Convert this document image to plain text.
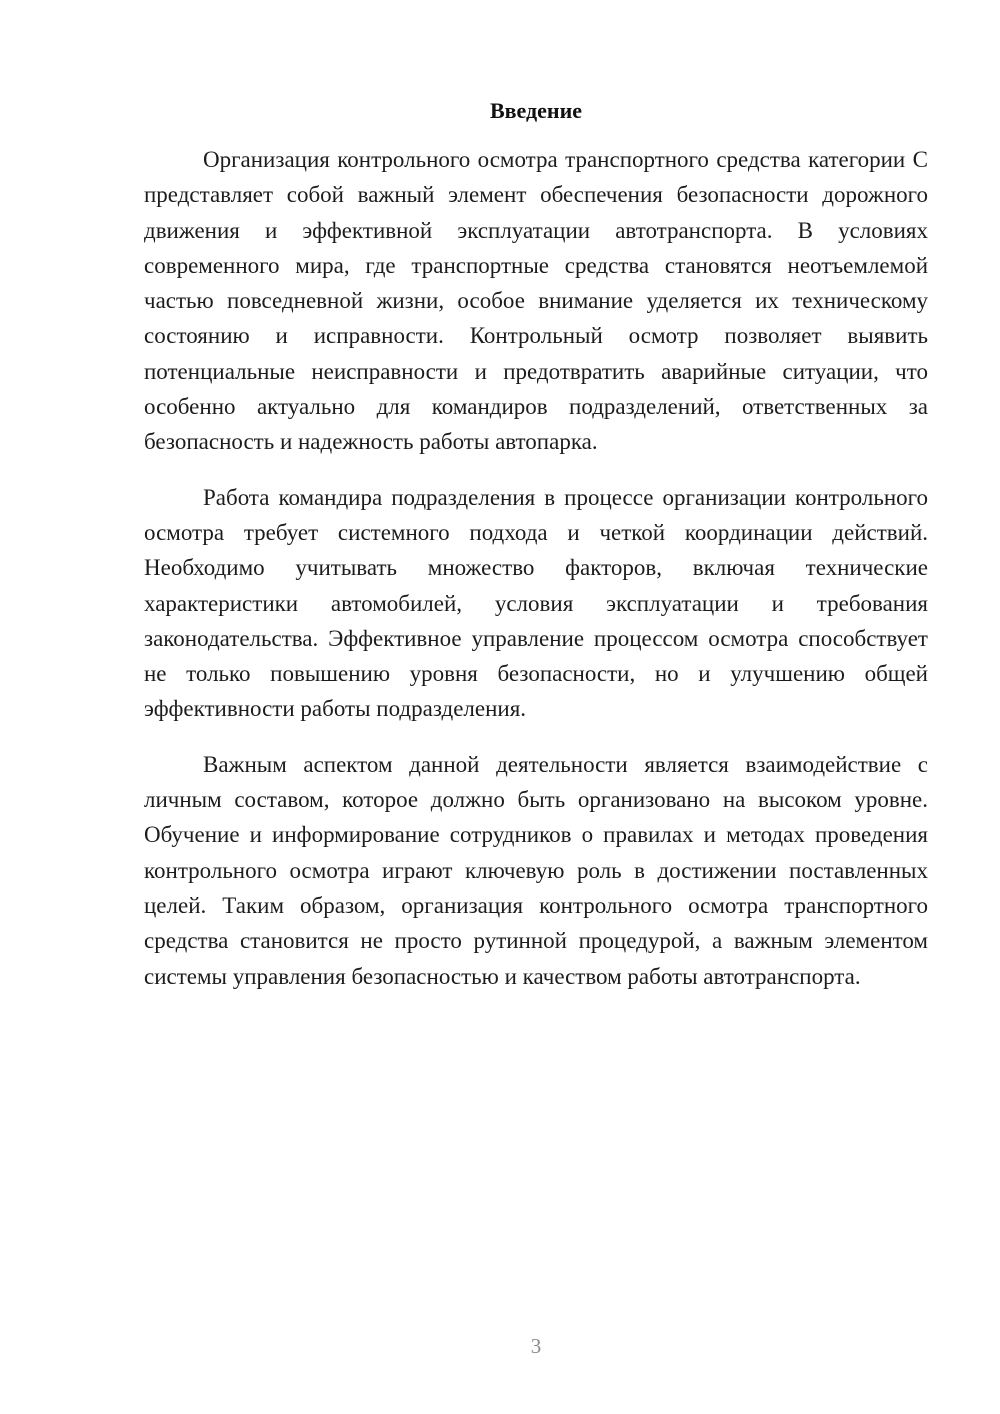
Введение

Организация контрольного осмотра транспортного средства категории С представляет собой важный элемент обеспечения безопасности дорожного движения и эффективной эксплуатации автотранспорта. В условиях современного мира, где транспортные средства становятся неотъемлемой частью повседневной жизни, особое внимание уделяется их техническому состоянию и исправности. Контрольный осмотр позволяет выявить потенциальные неисправности и предотвратить аварийные ситуации, что особенно актуально для командиров подразделений, ответственных за безопасность и надежность работы автопарка.

Работа командира подразделения в процессе организации контрольного осмотра требует системного подхода и четкой координации действий. Необходимо учитывать множество факторов, включая технические характеристики автомобилей, условия эксплуатации и требования законодательства. Эффективное управление процессом осмотра способствует не только повышению уровня безопасности, но и улучшению общей эффективности работы подразделения.

Важным аспектом данной деятельности является взаимодействие с личным составом, которое должно быть организовано на высоком уровне. Обучение и информирование сотрудников о правилах и методах проведения контрольного осмотра играют ключевую роль в достижении поставленных целей. Таким образом, организация контрольного осмотра транспортного средства становится не просто рутинной процедурой, а важным элементом системы управления безопасностью и качеством работы автотранспорта.

3
